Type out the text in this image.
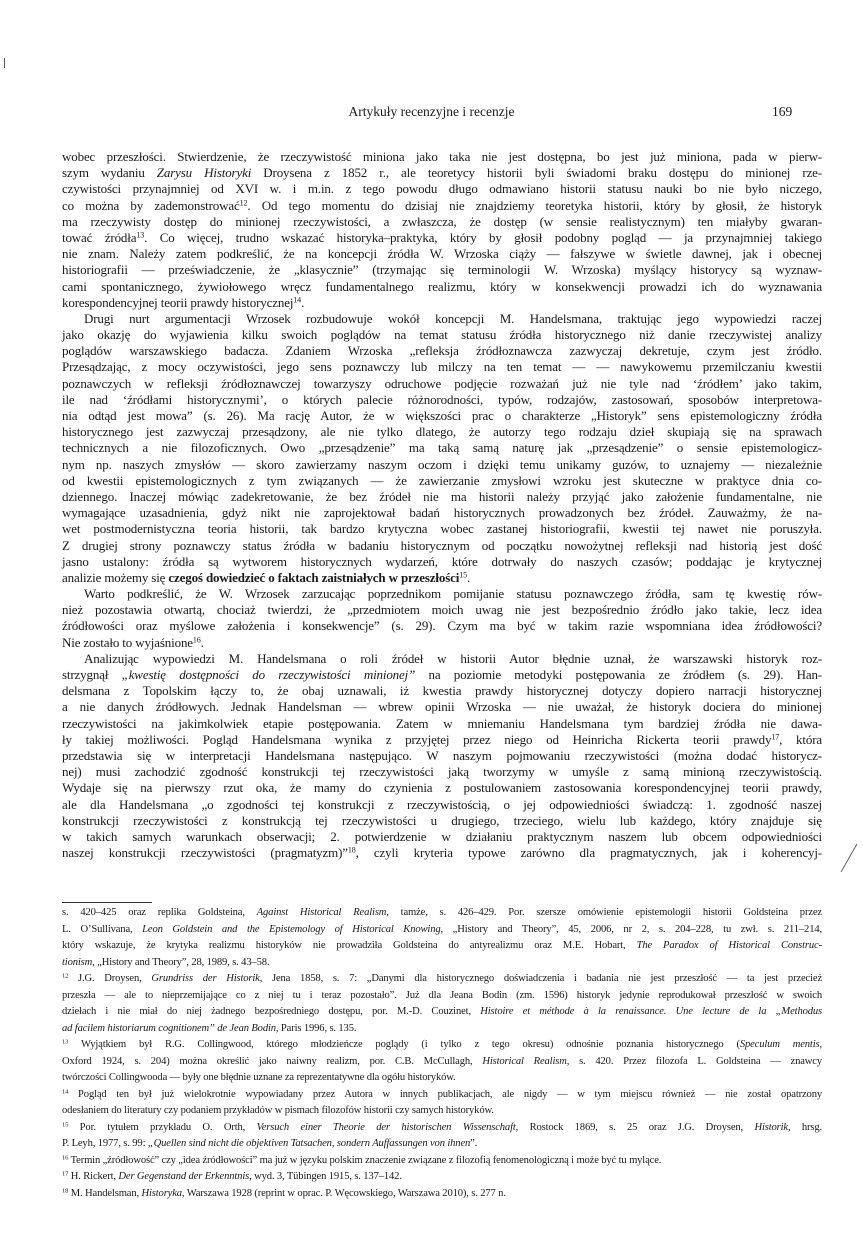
Artykuły recenzyjne i recenzje	169
wobec przeszłości. Stwierdzenie, że rzeczywistość miniona jako taka nie jest dostępna, bo jest już miniona, pada w pierw-
szym wydaniu Zarysu Historyki Droysena z 1852 r., ale teoretycy historii byli świadomi braku dostępu do minionej rze-
czywistości przynajmniej od XVI w. i m.in. z tego powodu długo odmawiano historii statusu nauki bo nie było niczego,
co można by zademonstrować$^{12}$. Od tego momentu do dzisiaj nie znajdziemy teoretyka historii, który by głosił, że historyk
ma rzeczywisty dostęp do minionej rzeczywistości, a zwłaszcza, że dostęp (w sensie realistycznym) ten miałyby gwaran-
tować źródła$^{13}$. Co więcej, trudno wskazać historyka–praktyka, który by głosił podobny pogląd — ja przynajmniej takiego
nie znam. Należy zatem podkreślić, że na koncepcji źródła W. Wrzoska ciąży — fałszywe w świetle dawnej, jak i obecnej
historiografii — przeświadczenie, że „klasycznie” (trzymając się terminologii W. Wrzoska) myślący historycy są wyznaw-
cami spontanicznego, żywiołowego wręcz fundamentalnego realizmu, który w konsekwencji prowadzi ich do wyznawania
korespondencyjnej teorii prawdy historycznej$^{14}$.
Drugi nurt argumentacji Wrzosek rozbudowuje wokół koncepcji M. Handelsmana, traktując jego wypowiedzi raczej
jako okazję do wyjawienia kilku swoich poglądów na temat statusu źródła historycznego niż danie rzeczywistej analizy
poglądów warszawskiego badacza. Zdaniem Wrzoska „refleksja źródłoznawcza zazwyczaj dekretuje, czym jest źródło.
Przesądzając, z mocy oczywistości, jego sens poznawczy lub milczy na ten temat — — nawykowemu przemilczaniu kwestii
poznawczych w refleksji źródłoznawczej towarzyszy odruchowe podjęcie rozważań już nie tyle nad ‘źródłem’ jako takim,
ile nad ‘źródłami historycznymi’, o których palecie różnorodności, typów, rodzajów, zastosowań, sposobów interpretowa-
nia odtąd jest mowa” (s. 26). Ma rację Autor, że w większości prac o charakterze „Historyk” sens epistemologiczny źródła
historycznego jest zazwyczaj przesądzony, ale nie tylko dlatego, że autorzy tego rodzaju dzieł skupiają się na sprawach
technicznych a nie filozoficznych. Owo „przesądzenie” ma taką samą naturę jak „przesądzenie” o sensie epistemologicz-
nym np. naszych zmysłów — skoro zawierzamy naszym oczom i dzięki temu unikamy guzów, to uznajemy — niezależnie
od kwestii epistemologicznych z tym związanych — że zawierzanie zmysłowi wzroku jest skuteczne w praktyce dnia co-
dziennego. Inaczej mówiąc zadekretowanie, że bez źródeł nie ma historii należy przyjąć jako założenie fundamentalne, nie
wymagające uzasadnienia, gdyż nikt nie zaprojektował badań historycznych prowadzonych bez źródeł. Zauważmy, że na-
wet postmodernistyczna teoria historii, tak bardzo krytyczna wobec zastanej historiografii, kwestii tej nawet nie poruszyła.
Z drugiej strony poznawczy status źródła w badaniu historycznym od początku nowożytnej refleksji nad historią jest dość
jasno ustalony: źródła są wytworem historycznych wydarzeń, które dotrwały do naszych czasów; poddając je krytycznej
analizie możemy się czegoś dowiedzieć o faktach zaistniałych w przeszłości$^{15}$.
Warto podkreślić, że W. Wrzosek zarzucając poprzednikom pomijanie statusu poznawczego źródła, sam tę kwestię rów-
nież pozostawia otwartą, chociaż twierdzi, że „przedmiotem moich uwag nie jest bezpośrednio źródło jako takie, lecz idea
źródłowości oraz myślowe założenia i konsekwencje” (s. 29). Czym ma być w takim razie wspomniana idea źródłowości?
Nie zostało to wyjaśnione$^{16}$.
Analizując wypowiedzi M. Handelsmana o roli źródeł w historii Autor błędnie uznał, że warszawski historyk roz-
strzygnął „kwestię dostępności do rzeczywistości minionej” na poziomie metodyki postępowania ze źródłem (s. 29). Han-
delsmana z Topolskim łączy to, że obaj uznawali, iż kwestia prawdy historycznej dotyczy dopiero narracji historycznej
a nie danych źródłowych. Jednak Handelsman — wbrew opinii Wrzoska — nie uważał, że historyk dociera do minionej
rzeczywistości na jakimkolwiek etapie postępowania. Zatem w mniemaniu Handelsmana tym bardziej źródła nie dawa-
ły takiej możliwości. Pogląd Handelsmana wynika z przyjętej przez niego od Heinricha Rickerta teorii prawdy$^{17}$, która
przedstawia się w interpretacji Handelsmana następująco. W naszym pojmowaniu rzeczywistości (można dodać historycz-
nej) musi zachodzić zgodność konstrukcji tej rzeczywistości jaką tworzymy w umyśle z samą minioną rzeczywistością.
Wydaje się na pierwszy rzut oka, że mamy do czynienia z postulowaniem zastosowania korespondencyjnej teorii prawdy,
ale dla Handelsmana „o zgodności tej konstrukcji z rzeczywistością, o jej odpowiedniości świadczą: 1. zgodność naszej
konstrukcji rzeczywistości z konstrukcją tej rzeczywistości u drugiego, trzeciego, wielu lub każdego, który znajduje się
w takich samych warunkach obserwacji; 2. potwierdzenie w działaniu praktycznym naszem lub obcem odpowiedniości
naszej konstrukcji rzeczywistości (pragmatyzm)”$^{18}$, czyli kryteria typowe zarówno dla pragmatycznych, jak i koherencyj-
s. 420–425 oraz replika Goldsteina, Against Historical Realism, tamże, s. 426–429. Por. szersze omówienie epistemologii historii Goldsteina przez
L. O’Sullivana, Leon Goldstein and the Epistemology of Historical Knowing, „History and Theory”, 45, 2006, nr 2, s. 204–228, tu zwł. s. 211–214,
który wskazuje, że krytyka realizmu historyków nie prowadziła Goldsteina do antyrealizmu oraz M.E. Hobart, The Paradox of Historical Construc-
tionism, „History and Theory”, 28, 1989, s. 43–58.
$^{12}$ J.G. Droysen, Grundriss der Historik, Jena 1858, s. 7: „Danymi dla historycznego doświadczenia i badania nie jest przeszłość — ta jest przecież
przeszła — ale to nieprzemijające co z niej tu i teraz pozostało”. Już dla Jeana Bodin (zm. 1596) historyk jedynie reprodukował przeszłość w swoich
dziełach i nie miał do niej żadnego bezpośredniego dostępu, por. M.-D. Couzinet, Histoire et méthode à la renaissance. Une lecture de la „Methodus
ad facilem historiarum cognitionem” de Jean Bodin, Paris 1996, s. 135.
$^{13}$ Wyjątkiem był R.G. Collingwood, którego młodzieńcze poglądy (i tylko z tego okresu) odnośnie poznania historycznego (Speculum mentis,
Oxford 1924, s. 204) można określić jako naiwny realizm, por. C.B. McCullagh, Historical Realism, s. 420. Przez filozofa L. Goldsteina — znawcy
twórczości Collingwooda — były one błędnie uznane za reprezentatywne dla ogółu historyków.
$^{14}$ Pogląd ten był już wielokrotnie wypowiadany przez Autora w innych publikacjach, ale nigdy — w tym miejscu również — nie został opatrzony
odesłaniem do literatury czy podaniem przykładów w pismach filozofów historii czy samych historyków.
$^{15}$ Por. tytułem przykładu O. Orth, Versuch einer Theorie der historischen Wissenschaft, Rostock 1869, s. 25 oraz J.G. Droysen, Historik, hrsg.
P. Leyh, 1977, s. 99: „Quellen sind nicht die objektiven Tatsachen, sondern Auffassungen von ihnen”.
$^{16}$ Termin „źródłowość” czy „idea źródłowości” ma już w języku polskim znaczenie związane z filozofią fenomenologiczną i może być tu mylące.
$^{17}$ H. Rickert, Der Gegenstand der Erkenntnis, wyd. 3, Tübingen 1915, s. 137–142.
$^{18}$ M. Handelsman, Historyka, Warszawa 1928 (reprint w oprac. P. Węcowskiego, Warszawa 2010), s. 277 n.
